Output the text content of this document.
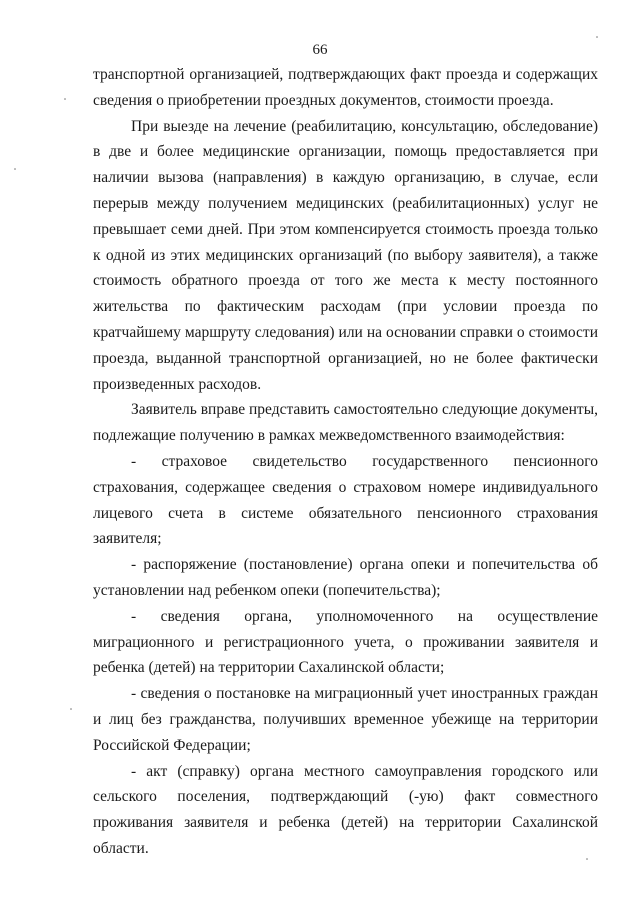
66

транспортной организацией, подтверждающих факт проезда и содержащих сведения о приобретении проездных документов, стоимости проезда.

При выезде на лечение (реабилитацию, консультацию, обследование) в две и более медицинские организации, помощь предоставляется при наличии вызова (направления) в каждую организацию, в случае, если перерыв между получением медицинских (реабилитационных) услуг не превышает семи дней. При этом компенсируется стоимость проезда только к одной из этих медицинских организаций (по выбору заявителя), а также стоимость обратного проезда от того же места к месту постоянного жительства по фактическим расходам (при условии проезда по кратчайшему маршруту следования) или на основании справки о стоимости проезда, выданной транспортной организацией, но не более фактически произведенных расходов.

Заявитель вправе представить самостоятельно следующие документы, подлежащие получению в рамках межведомственного взаимодействия:

- страховое свидетельство государственного пенсионного страхования, содержащее сведения о страховом номере индивидуального лицевого счета в системе обязательного пенсионного страхования заявителя;

- распоряжение (постановление) органа опеки и попечительства об установлении над ребенком опеки (попечительства);

- сведения органа, уполномоченного на осуществление миграционного и регистрационного учета, о проживании заявителя и ребенка (детей) на территории Сахалинской области;

- сведения о постановке на миграционный учет иностранных граждан и лиц без гражданства, получивших временное убежище на территории Российской Федерации;

- акт (справку) органа местного самоуправления городского или сельского поселения, подтверждающий (-ую) факт совместного проживания заявителя и ребенка (детей) на территории Сахалинской области.
